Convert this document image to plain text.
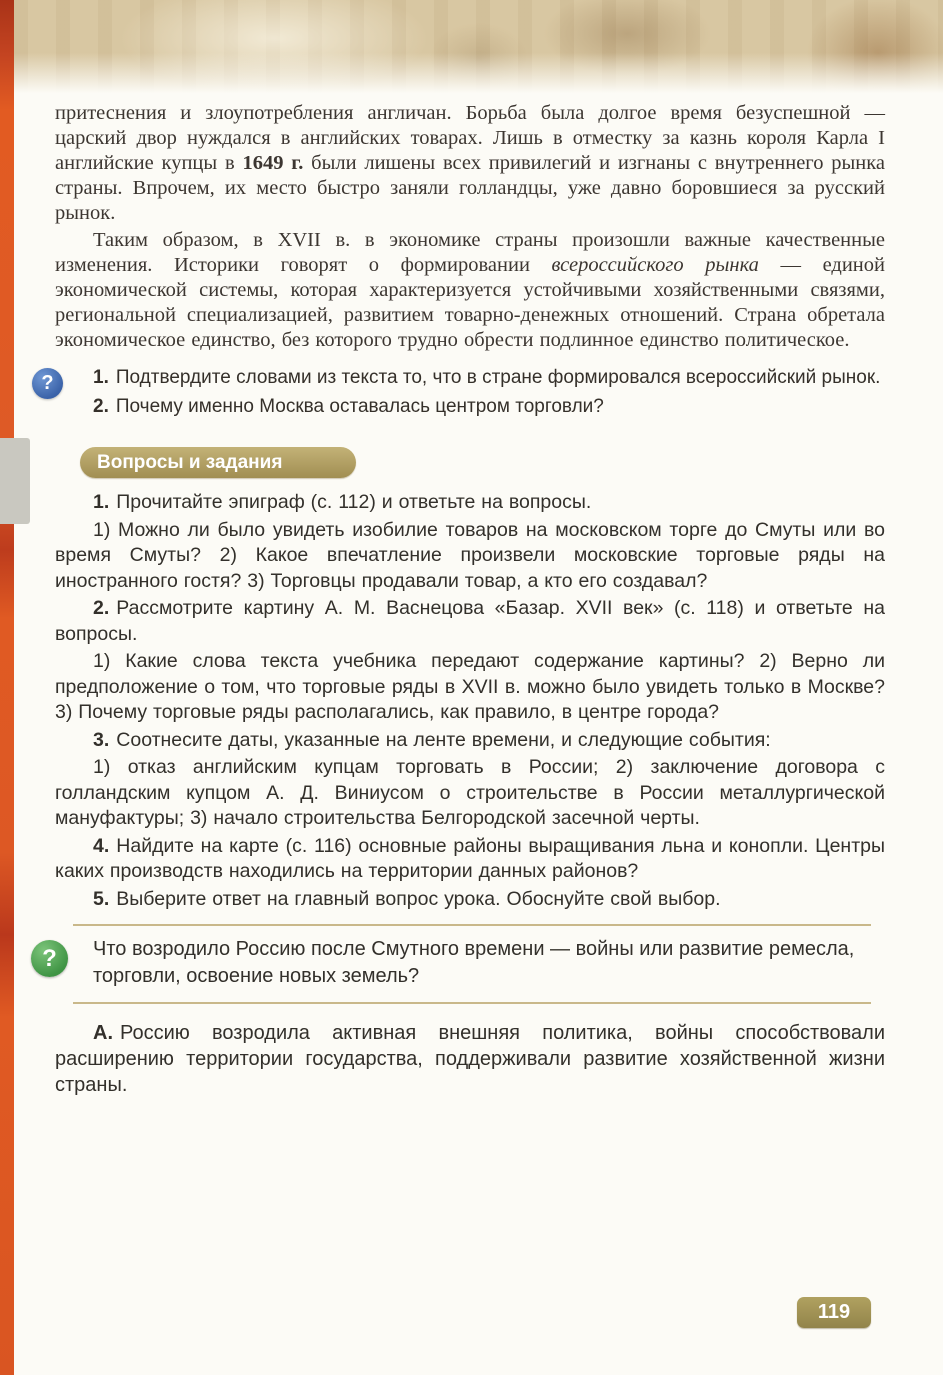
притеснения и злоупотребления англичан. Борьба была долгое время безуспешной — царский двор нуждался в английских товарах. Лишь в отместку за казнь короля Карла I английские купцы в 1649 г. были лишены всех привилегий и изгнаны с внутреннего рынка страны. Впрочем, их место быстро заняли голландцы, уже давно боровшиеся за русский рынок.

Таким образом, в XVII в. в экономике страны произошли важные качественные изменения. Историки говорят о формировании всероссийского рынка — единой экономической системы, которая характеризуется устойчивыми хозяйственными связями, региональной специализацией, развитием товарно-денежных отношений. Страна обретала экономическое единство, без которого трудно обрести подлинное единство политическое.

? 1. Подтвердите словами из текста то, что в стране формировался всероссийский рынок.

2. Почему именно Москва оставалась центром торговли?

Вопросы и задания

1. Прочитайте эпиграф (с. 112) и ответьте на вопросы.

1) Можно ли было увидеть изобилие товаров на московском торге до Смуты или во время Смуты? 2) Какое впечатление произвели московские торговые ряды на иностранного гостя? 3) Торговцы продавали товар, а кто его создавал?

2. Рассмотрите картину А. М. Васнецова «Базар. XVII век» (с. 118) и ответьте на вопросы.

1) Какие слова текста учебника передают содержание картины? 2) Верно ли предположение о том, что торговые ряды в XVII в. можно было увидеть только в Москве? 3) Почему торговые ряды располагались, как правило, в центре города?

3. Соотнесите даты, указанные на ленте времени, и следующие события:

1) отказ английским купцам торговать в России; 2) заключение договора с голландским купцом А. Д. Виниусом о строительстве в России металлургической мануфактуры; 3) начало строительства Белгородской засечной черты.

4. Найдите на карте (с. 116) основные районы выращивания льна и конопли. Центры каких производств находились на территории данных районов?

5. Выберите ответ на главный вопрос урока. Обоснуйте свой выбор.

? Что возродило Россию после Смутного времени — войны или развитие ремесла, торговли, освоение новых земель?

А. Россию возродила активная внешняя политика, войны способствовали расширению территории государства, поддерживали развитие хозяйственной жизни страны.

119
